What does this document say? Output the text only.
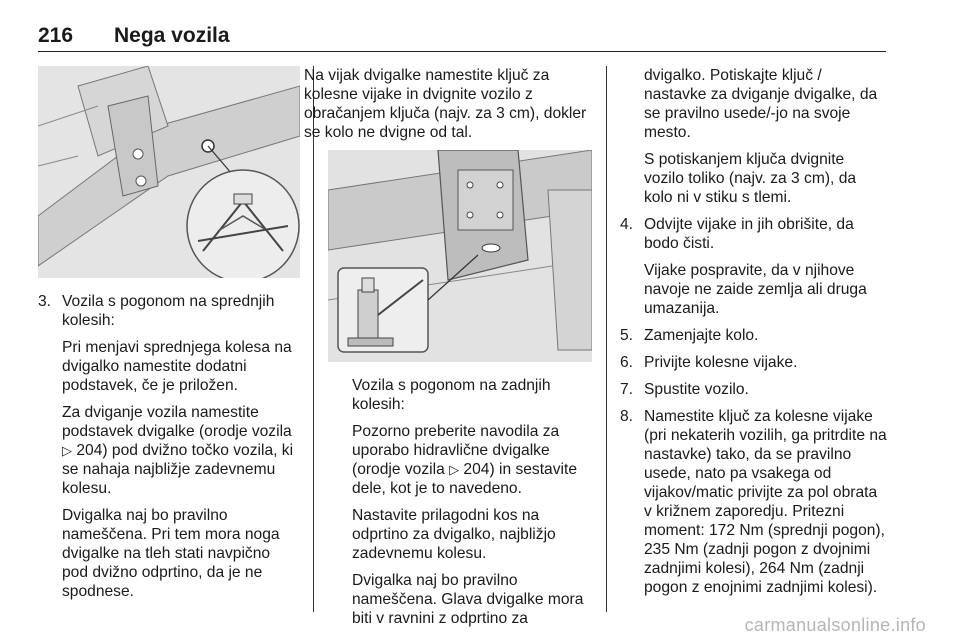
216 Nega vozila
3. Vozila s pogonom na sprednjih kolesih:
Pri menjavi sprednjega kolesa na dvigalko namestite dodatni podstavek, če je priložen.
Za dviganje vozila namestite podstavek dvigalke (orodje vozila ▷ 204) pod dvižno točko vozila, ki se nahaja najbližje zadevnemu kolesu.
Dvigalka naj bo pravilno nameščena. Pri tem mora noga dvigalke na tleh stati navpično pod dvižno odprtino, da je ne spodnese.
Na vijak dvigalke namestite ključ za kolesne vijake in dvignite vozilo z obračanjem ključa (najv. za 3 cm), dokler se kolo ne dvigne od tal.
Vozila s pogonom na zadnjih kolesih:
Pozorno preberite navodila za uporabo hidravlične dvigalke (orodje vozila ▷ 204) in sestavite dele, kot je to navedeno.
Nastavite prilagodni kos na odprtino za dvigalko, najbližjo zadevnemu kolesu.
Dvigalka naj bo pravilno nameščena. Glava dvigalke mora biti v ravnini z odprtino za
dvigalko. Potiskajte ključ / nastavke za dviganje dvigalke, da se pravilno usede/-jo na svoje mesto.
S potiskanjem ključa dvignite vozilo toliko (najv. za 3 cm), da kolo ni v stiku s tlemi.
4. Odvijte vijake in jih obrišite, da bodo čisti.
Vijake pospravite, da v njihove navoje ne zaide zemlja ali druga umazanija.
5. Zamenjajte kolo.
6. Privijte kolesne vijake.
7. Spustite vozilo.
8. Namestite ključ za kolesne vijake (pri nekaterih vozilih, ga pritrdite na nastavke) tako, da se pravilno usede, nato pa vsakega od vijakov/matic privijte za pol obrata v križnem zaporedju. Pritezni moment: 172 Nm (sprednji pogon), 235 Nm (zadnji pogon z dvojnimi zadnjimi kolesi), 264 Nm (zadnji pogon z enojnimi zadnjimi kolesi).
carmanualsonline.info
